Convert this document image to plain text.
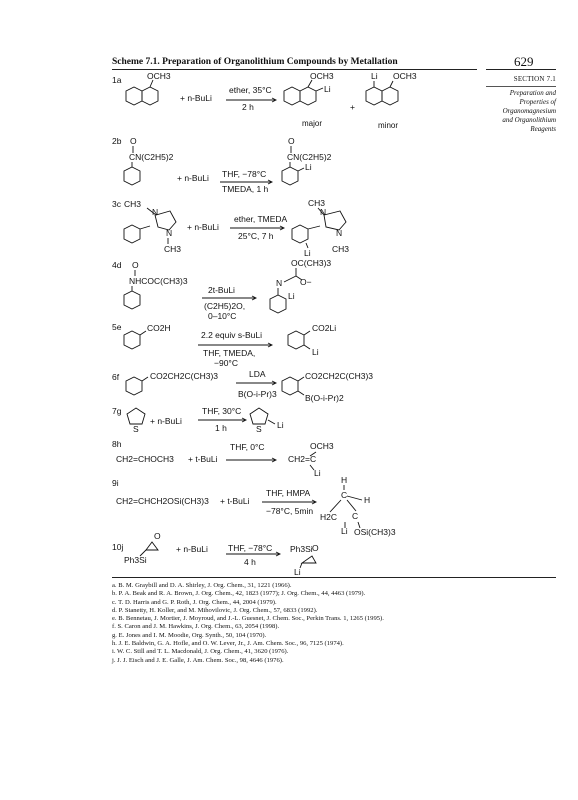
Scheme 7.1. Preparation of Organolithium Compounds by Metallation	629
SECTION 7.1
Preparation and
Properties of
Organomagnesium
and Organolithium
Reagents
1a	OCH3
+ n-BuLi
ether, 35°C
2 h
OCH3
Li
major
+
Li OCH3
minor
2b O
CN(C2H5)2
+ n-BuLi THF, −78°C
TMEDA, 1 h
O
CN(C2H5)2
Li
3c CH3
N
N
CH3
+ n-BuLi
ether, TMEDA
25°C, 7 h
CH3
N
N
Li	CH3
4d O
NHCOC(CH3)3
2t-BuLi
(C2H5)2O,
0–10°C
OC(CH3)3
N O−
Li
5e	CO2H
2.2 equiv s-BuLi
THF, TMEDA,
−90°C
CO2Li
Li
6f	CO2CH2C(CH3)3	LDA
B(O-i-Pr)3
CO2CH2C(CH3)3
B(O-i-Pr)2
7g
S
+ n-BuLi
THF, 30°C
1 h	S Li
8h
CH2=CHOCH3 + t-BuLi
THF, 0°C	OCH3
CH2=C
Li
9i
CH2=CHCH2OSi(CH3)3 + t-BuLi
THF, HMPA
−78°C, 5min
H
C H
H2C C
Li OSi(CH3)3
10j
O
Ph3Si
+ n-BuLi THF, −78°C
4 h
Ph3Si O
Li

a. B. M. Graybill and D. A. Shirley, J. Org. Chem., 31, 1221 (1966).

b. P. A. Beak and R. A. Brown, J. Org. Chem., 42, 1823 (1977); J. Org. Chem., 44, 4463 (1979).

c. T. D. Harris and G. P. Roth, J. Org. Chem., 44, 2004 (1979).

d. P. Stanetty, H. Koller, and M. Mihovilovic, J. Org. Chem., 57, 6833 (1992).

e. B. Bennetau, J. Mortier, J. Moyroud, and J.-L. Guesnet, J. Chem. Soc., Perkin Trans. 1, 1265 (1995).

f. S. Caron and J. M. Hawkins, J. Org. Chem., 63, 2054 (1998).

g. E. Jones and I. M. Moodie, Org. Synth., 50, 104 (1970).

h. J. E. Baldwin, G. A. Hofle, and O. W. Lever, Jr., J. Am. Chem. Soc., 96, 7125 (1974).

i. W. C. Still and T. L. Macdonald, J. Org. Chem., 41, 3620 (1976).

j. J. J. Eisch and J. E. Galle, J. Am. Chem. Soc., 98, 4646 (1976).
